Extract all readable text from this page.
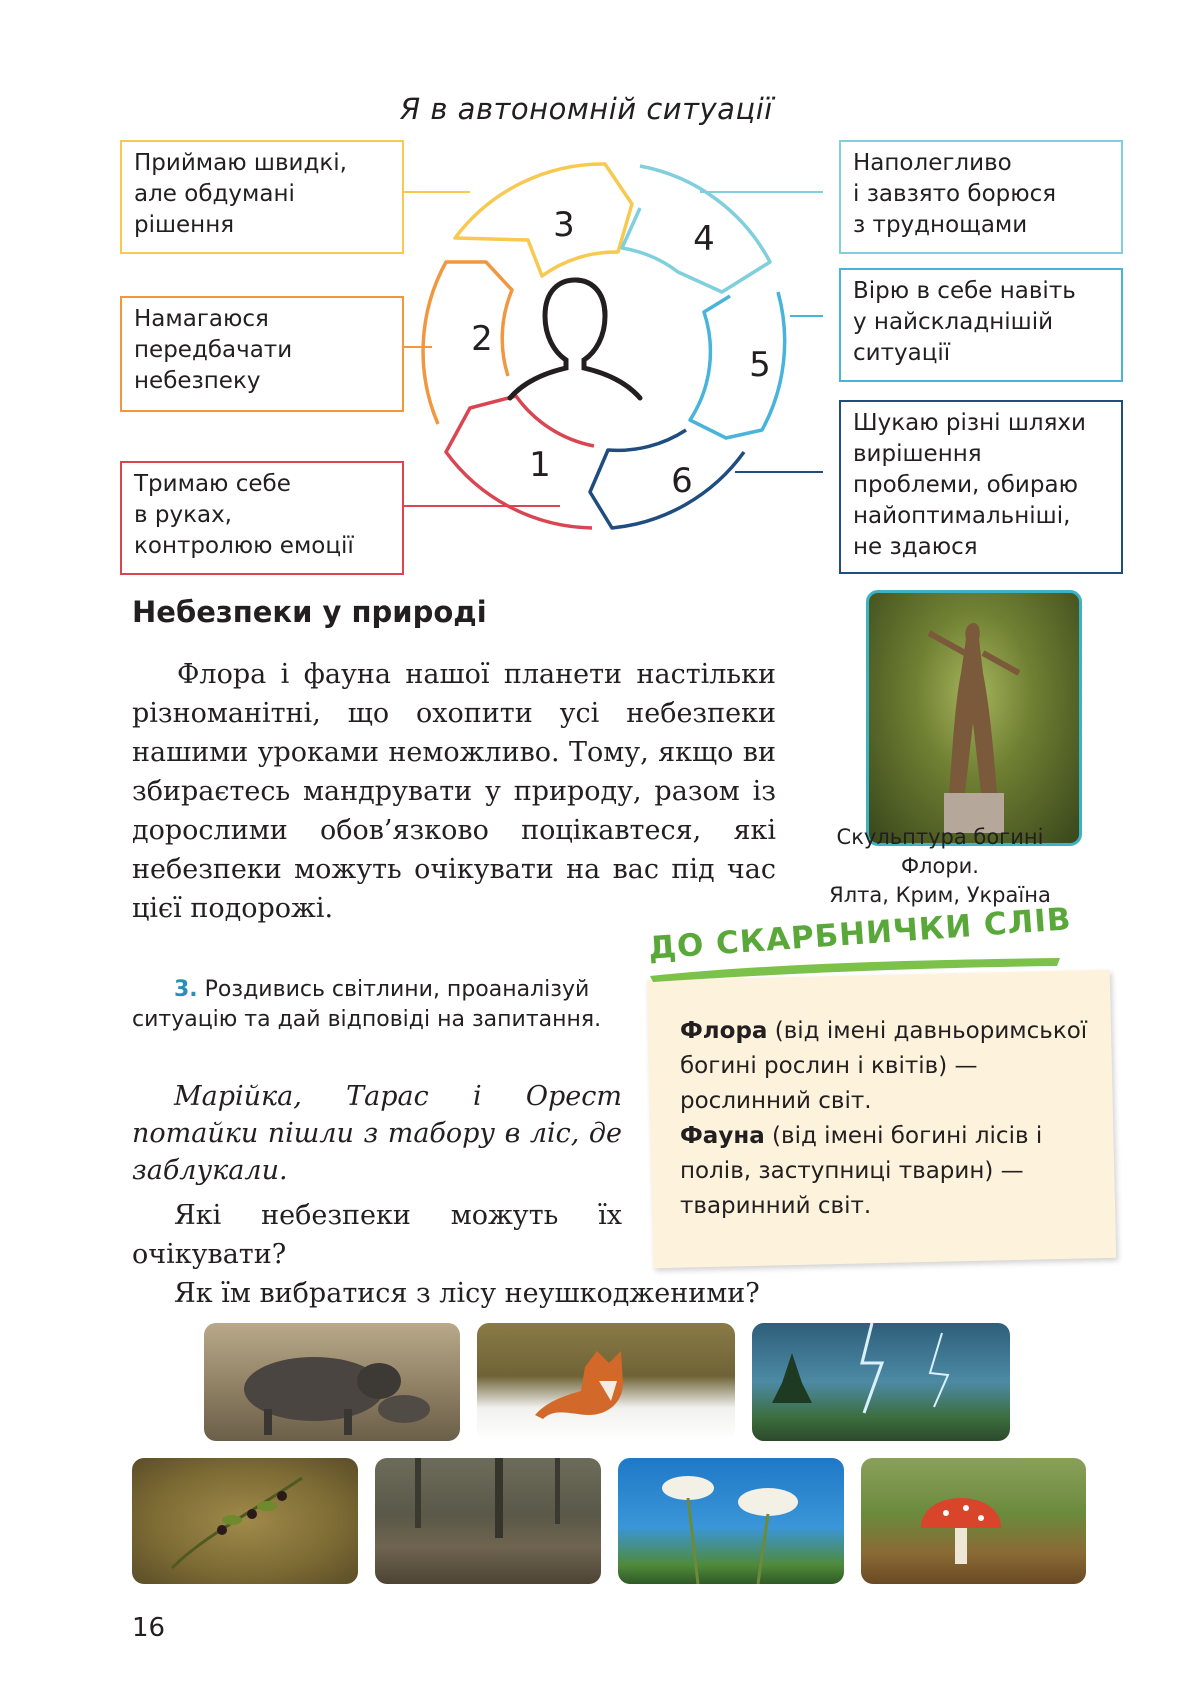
Я в автономній ситуації
3	4
2
5
1	6
Приймаю швидкі,
але обдумані
рішення
Намагаюся
передбачати
небезпеку
Тримаю себе
в руках,
контролюю емоції
Наполегливо
і завзято борюся
з труднощами
Вірю в себе навіть
у найскладнішій
ситуації
Шукаю різні шляхи
вирішення
проблеми, обираю
найоптимальніші,
не здаюся
Небезпеки у природі
Флора і фауна нашої планети настільки різноманітні, що охопити усі небезпеки нашими уроками неможливо. Тому, якщо ви збираєтесь мандрувати у природу, разом із дорослими обов’язково поцікавтеся, які небезпеки можуть очікувати на вас під час цієї подорожі.
Скульптура богині
Флори.
Ялта, Крим, Україна
3. Роздивись світлини, проаналізуй ситуацію та дай відповіді на запитання.
Марійка, Тарас і Орест потайки пішли з табору в ліс, де заблукали.
Які небезпеки можуть їх очікувати?
Як їм вибратися з лісу неушкодженими?
ДО СКАРБНИЧКИ СЛІВ
Флора (від імені давньоримської богині рослин і квітів) — рослинний світ.
Фауна (від імені богині лісів і полів, заступниці тварин) — тваринний світ.
16
